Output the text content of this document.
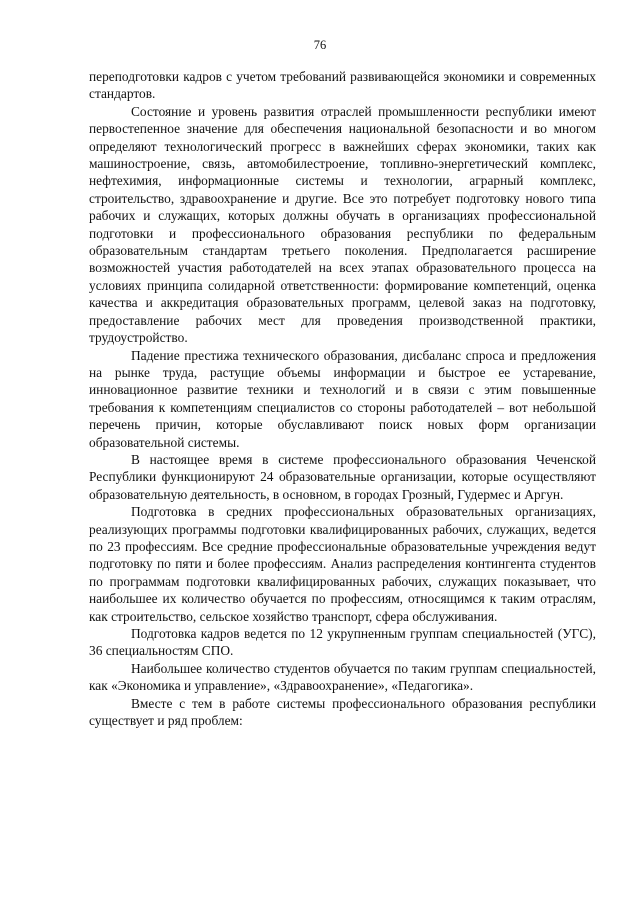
76

переподготовки кадров с учетом требований развивающейся экономики и современных стандартов.

Состояние и уровень развития отраслей промышленности республики имеют первостепенное значение для обеспечения национальной безопасности и во многом определяют технологический прогресс в важнейших сферах экономики, таких как машиностроение, связь, автомобилестроение, топливно-энергетический комплекс, нефтехимия, информационные системы и технологии, аграрный комплекс, строительство, здравоохранение и другие. Все это потребует подготовку нового типа рабочих и служащих, которых должны обучать в организациях профессиональной подготовки и профессионального образования республики по федеральным образовательным стандартам третьего поколения. Предполагается расширение возможностей участия работодателей на всех этапах образовательного процесса на условиях принципа солидарной ответственности: формирование компетенций, оценка качества и аккредитация образовательных программ, целевой заказ на подготовку, предоставление рабочих мест для проведения производственной практики, трудоустройство.

Падение престижа технического образования, дисбаланс спроса и предложения на рынке труда, растущие объемы информации и быстрое ее устаревание, инновационное развитие техники и технологий и в связи с этим повышенные требования к компетенциям специалистов со стороны работодателей – вот небольшой перечень причин, которые обуславливают поиск новых форм организации образовательной системы.

В настоящее время в системе профессионального образования Чеченской Республики функционируют 24 образовательные организации, которые осуществляют образовательную деятельность, в основном, в городах Грозный, Гудермес и Аргун.

Подготовка в средних профессиональных образовательных организациях, реализующих программы подготовки квалифицированных рабочих, служащих, ведется по 23 профессиям. Все средние профессиональные образовательные учреждения ведут подготовку по пяти и более профессиям. Анализ распределения контингента студентов по программам подготовки квалифицированных рабочих, служащих показывает, что наибольшее их количество обучается по профессиям, относящимся к таким отраслям, как строительство, сельское хозяйство транспорт, сфера обслуживания.

Подготовка кадров ведется по 12 укрупненным группам специальностей (УГС), 36 специальностям СПО.

Наибольшее количество студентов обучается по таким группам специальностей, как «Экономика и управление», «Здравоохранение», «Педагогика».

Вместе с тем в работе системы профессионального образования республики существует и ряд проблем:
